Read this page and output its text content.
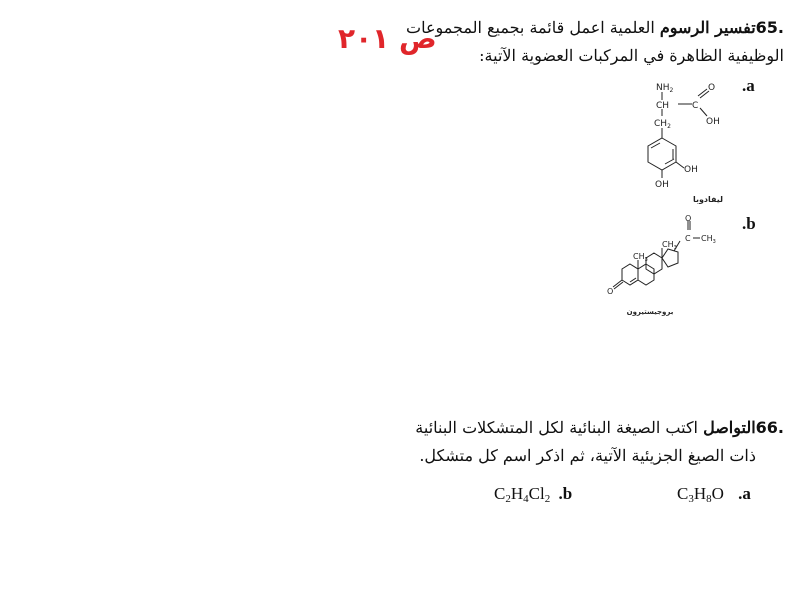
ص ٢٠١	65.تفسير الرسوم العلمية اعمل قائمة بجميع المجموعات
الوظيفية الظاهرة في المركبات العضوية الآتية:
a.
$NH_2$
CH	C
O
OH
$CH_2$
OH
OH
ليفادوبا
b.
O
C $CH_3$
$CH_3$
$CH_3$
O
بروجيستيرون
66.التواصل اكتب الصيغة البنائية لكل المتشكلات البنائية
ذات الصيغ الجزيئية الآتية، ثم اذكر اسم كل متشكل.
$C_3H_8O$ a.
$C_2H_4Cl_2$ b.
